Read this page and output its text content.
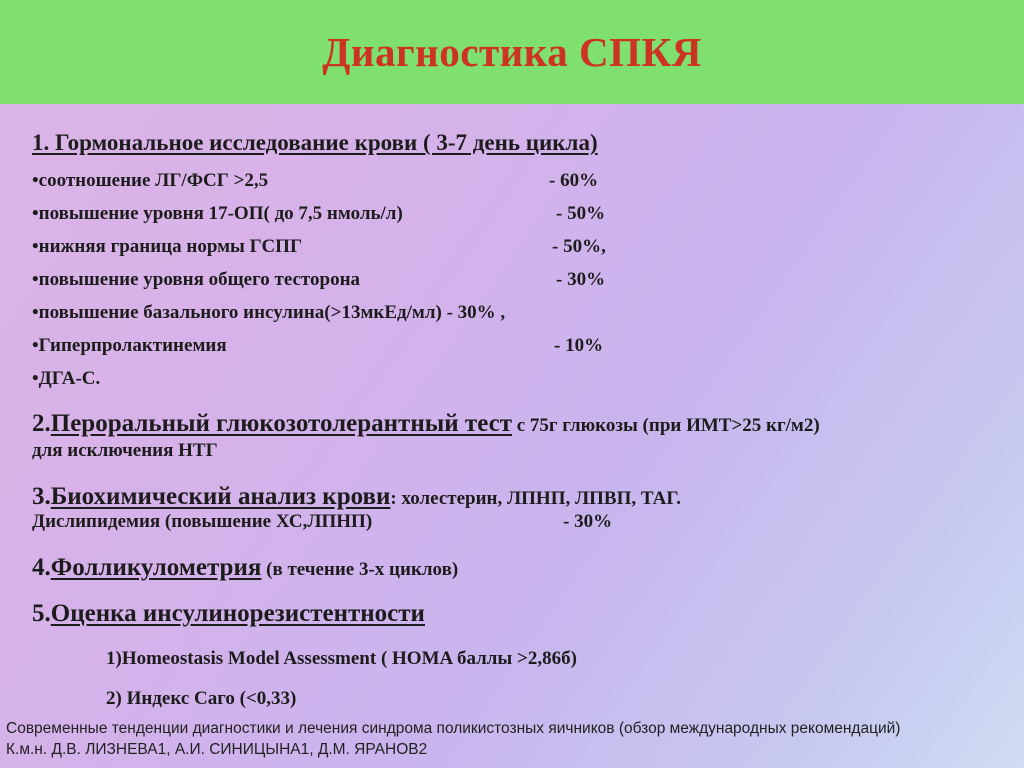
Диагностика СПКЯ
1. Гормональное исследование крови ( 3-7 день цикла)
•соотношение ЛГ/ФСГ >2,5	- 60%
•повышение уровня 17-ОП( до 7,5 нмоль/л)	- 50%
•нижняя граница нормы ГСПГ	- 50%,
•повышение уровня общего тесторона	- 30%
•повышение базального инсулина(>13мкЕд/мл) - 30% ,
•Гиперпролактинемия	- 10%
•ДГА-С.
2.Пероральный глюкозотолерантный тест с 75г глюкозы (при ИМТ>25 кг/м2)
для исключения НТГ
3.Биохимический анализ крови: холестерин, ЛПНП, ЛПВП, ТАГ.
Дислипидемия (повышение ХС,ЛПНП)	- 30%
4.Фолликулометрия (в течение 3-х циклов)
5.Оценка инсулинорезистентности
1)Homeostasis Model Assessment ( HOMA баллы >2,86б)
2) Индекс Саго (<0,33)
Современные тенденции диагностики и лечения синдрома поликистозных яичников (обзор международных рекомендаций)
К.м.н. Д.В. ЛИЗНЕВА1, А.И. СИНИЦЫНА1, Д.М. ЯРАНОВ2
